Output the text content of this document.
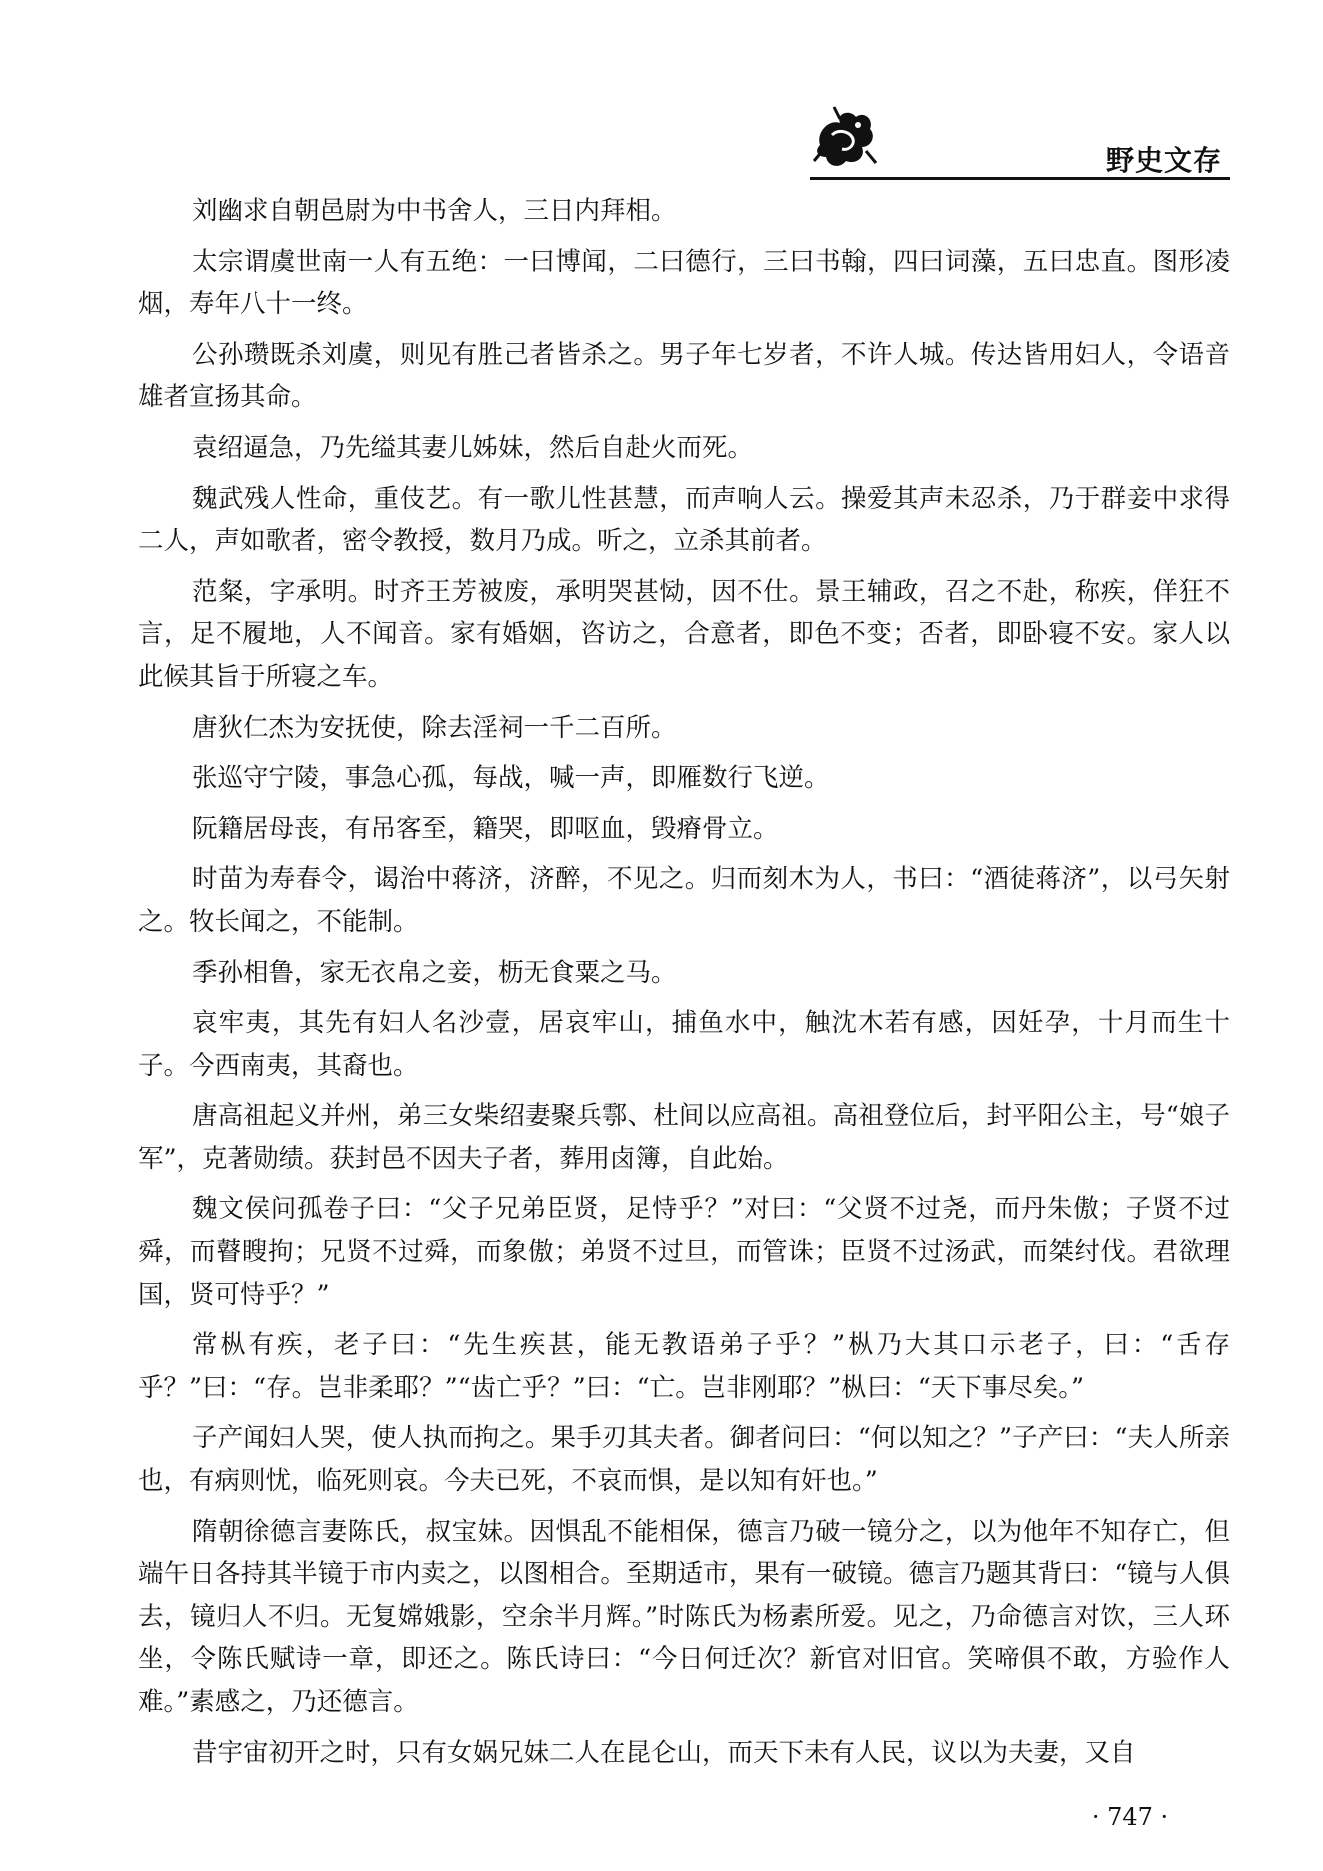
野史文存

刘幽求自朝邑尉为中书舍人，三日内拜相。

太宗谓虞世南一人有五绝：一曰博闻，二曰德行，三曰书翰，四曰词藻，五曰忠直。图形凌烟，寿年八十一终。

公孙瓒既杀刘虞，则见有胜己者皆杀之。男子年七岁者，不许人城。传达皆用妇人，令语音雄者宣扬其命。

袁绍逼急，乃先缢其妻儿姊妹，然后自赴火而死。

魏武残人性命，重伎艺。有一歌儿性甚慧，而声响人云。操爱其声未忍杀，乃于群妾中求得二人，声如歌者，密令教授，数月乃成。听之，立杀其前者。

范粲，字承明。时齐王芳被废，承明哭甚恸，因不仕。景王辅政，召之不赴，称疾，佯狂不言，足不履地，人不闻音。家有婚姻，咨访之，合意者，即色不变；否者，即卧寝不安。家人以此候其旨于所寝之车。

唐狄仁杰为安抚使，除去淫祠一千二百所。

张巡守宁陵，事急心孤，每战，喊一声，即雁数行飞逆。

阮籍居母丧，有吊客至，籍哭，即呕血，毁瘠骨立。

时苗为寿春令，谒治中蒋济，济醉，不见之。归而刻木为人，书曰：“酒徒蒋济”，以弓矢射之。牧长闻之，不能制。

季孙相鲁，家无衣帛之妾，枥无食粟之马。

哀牢夷，其先有妇人名沙壹，居哀牢山，捕鱼水中，触沈木若有感，因妊孕，十月而生十子。今西南夷，其裔也。

唐高祖起义并州，弟三女柴绍妻聚兵鄠、杜间以应高祖。高祖登位后，封平阳公主，号“娘子军”，克著勋绩。获封邑不因夫子者，葬用卤簿，自此始。

魏文侯问孤卷子曰：“父子兄弟臣贤，足恃乎？”对曰：“父贤不过尧，而丹朱傲；子贤不过舜，而瞽瞍拘；兄贤不过舜，而象傲；弟贤不过旦，而管诛；臣贤不过汤武，而桀纣伐。君欲理国，贤可恃乎？”

常枞有疾，老子曰：“先生疾甚，能无教语弟子乎？”枞乃大其口示老子，曰：“舌存乎？”曰：“存。岂非柔耶？”“齿亡乎？”曰：“亡。岂非刚耶？”枞曰：“天下事尽矣。”

子产闻妇人哭，使人执而拘之。果手刃其夫者。御者问曰：“何以知之？”子产曰：“夫人所亲也，有病则忧，临死则哀。今夫已死，不哀而惧，是以知有奸也。”

隋朝徐德言妻陈氏，叔宝妹。因惧乱不能相保，德言乃破一镜分之，以为他年不知存亡，但端午日各持其半镜于市内卖之，以图相合。至期适市，果有一破镜。德言乃题其背曰：“镜与人俱去，镜归人不归。无复嫦娥影，空余半月辉。”时陈氏为杨素所爱。见之，乃命德言对饮，三人环坐，令陈氏赋诗一章，即还之。陈氏诗曰：“今日何迁次？新官对旧官。笑啼俱不敢，方验作人难。”素感之，乃还德言。

昔宇宙初开之时，只有女娲兄妹二人在昆仑山，而天下未有人民，议以为夫妻，又自

· 747 ·
